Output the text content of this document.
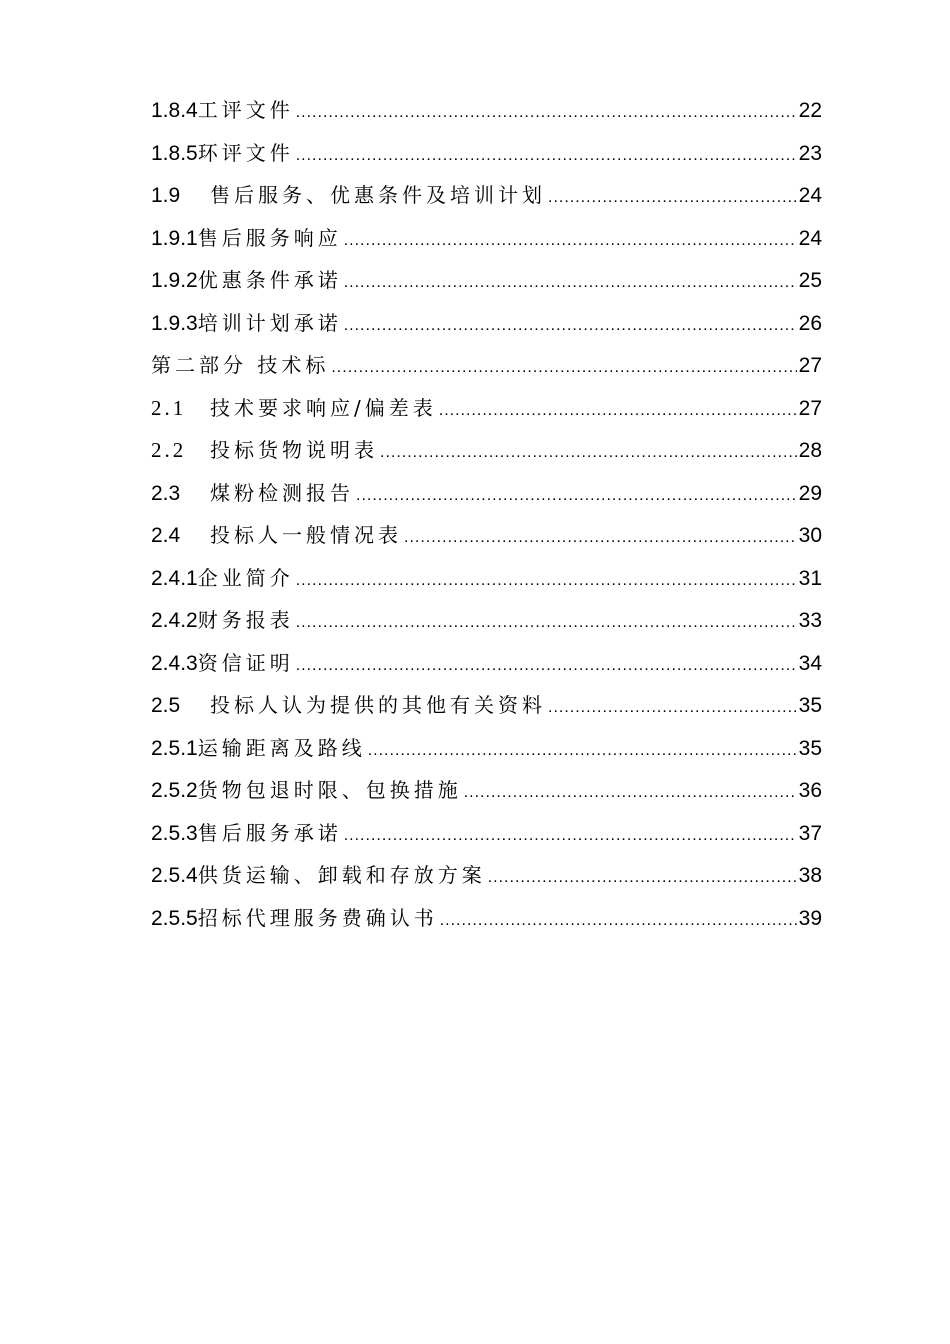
1.8.4 工评文件 .....	22
1.8.5 环评文件 .....	23
1.9	售后服务、优惠条件及培训计划 .....	24
1.9.1 售后服务响应 .....	24
1.9.2 优惠条件承诺 .....	25
1.9.3 培训计划承诺 .....	26
第二部分 技术标 .....	27
2.1	技术要求响应/偏差表 .....	27
2.2	投标货物说明表 .....	28
2.3	煤粉检测报告 .....	29
2.4	投标人一般情况表 .....	30
2.4.1 企业简介 .....	31
2.4.2 财务报表 .....	33
2.4.3 资信证明 .....	34
2.5	投标人认为提供的其他有关资料 .....	35
2.5.1 运输距离及路线 .....	35
2.5.2 货物包退时限、包换措施 .....	36
2.5.3 售后服务承诺 .....	37
2.5.4 供货运输、卸载和存放方案 .....	38
2.5.5 招标代理服务费确认书 .....	39
